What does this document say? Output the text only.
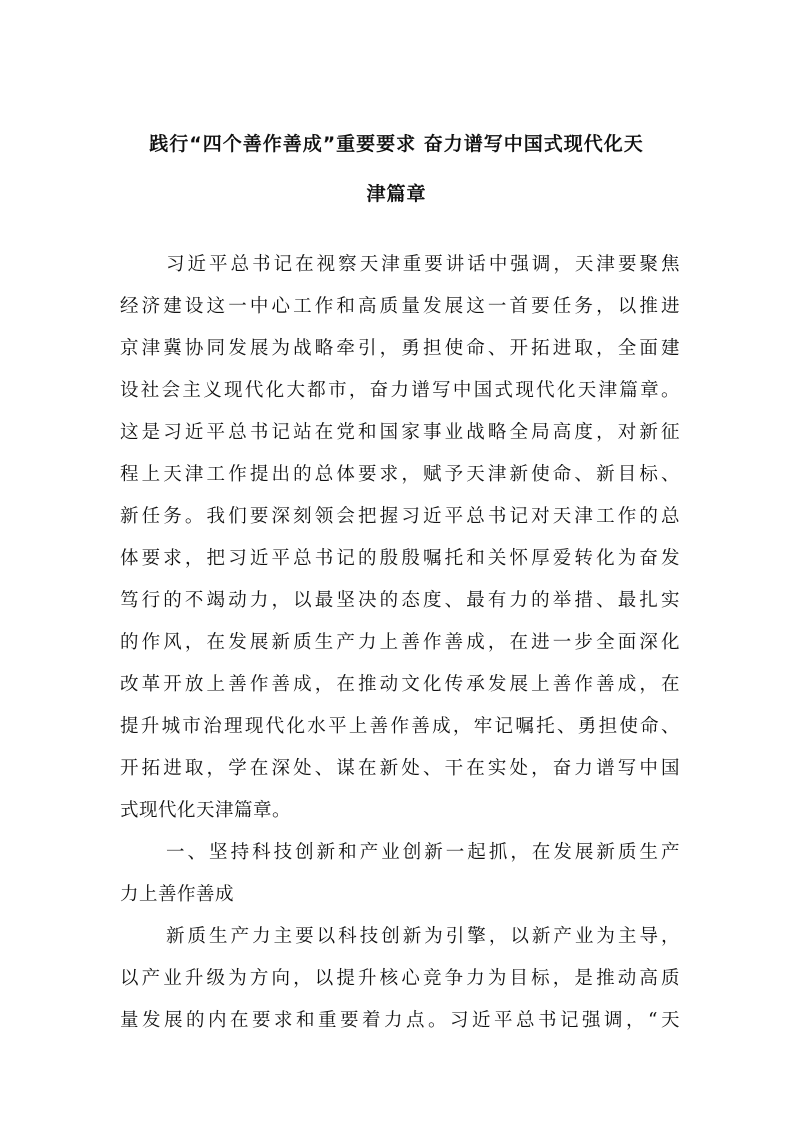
践行“四个善作善成”重要要求 奋力谱写中国式现代化天
津篇章

习近平总书记在视察天津重要讲话中强调，天津要聚焦

经济建设这一中心工作和高质量发展这一首要任务，以推进

京津冀协同发展为战略牵引，勇担使命、开拓进取，全面建

设社会主义现代化大都市，奋力谱写中国式现代化天津篇章。

这是习近平总书记站在党和国家事业战略全局高度，对新征

程上天津工作提出的总体要求，赋予天津新使命、新目标、

新任务。我们要深刻领会把握习近平总书记对天津工作的总

体要求，把习近平总书记的殷殷嘱托和关怀厚爱转化为奋发

笃行的不竭动力，以最坚决的态度、最有力的举措、最扎实

的作风，在发展新质生产力上善作善成，在进一步全面深化

改革开放上善作善成，在推动文化传承发展上善作善成，在

提升城市治理现代化水平上善作善成，牢记嘱托、勇担使命、

开拓进取，学在深处、谋在新处、干在实处，奋力谱写中国

式现代化天津篇章。

一、坚持科技创新和产业创新一起抓，在发展新质生产

力上善作善成

新质生产力主要以科技创新为引擎，以新产业为主导，

以产业升级为方向，以提升核心竞争力为目标，是推动高质

量发展的内在要求和重要着力点。习近平总书记强调，“天
